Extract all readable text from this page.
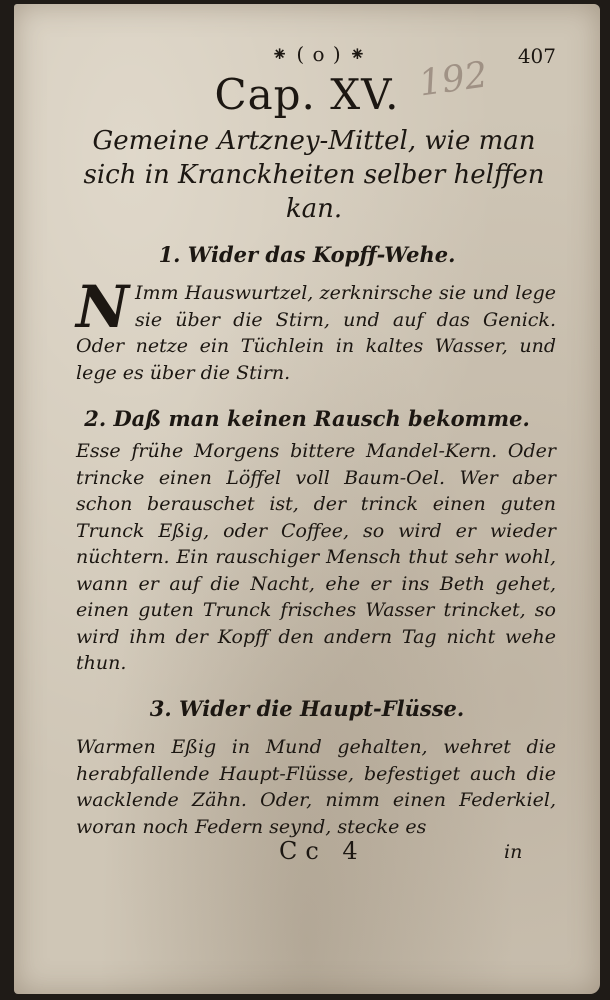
⁕ ( o ) ⁕	407
192
Cap. XV.
Gemeine Artzney-Mittel, wie man sich in Kranckheiten selber helffen kan.
1. Wider das Kopff-Wehe.

N Imm Hauswurtzel, zerknirsche sie und lege sie über die Stirn, und auf das Genick. Oder netze ein Tüchlein in kaltes Wasser, und lege es über die Stirn.

2. Daß man keinen Rausch bekomme.

Esse frühe Morgens bittere Mandel-Kern. Oder trincke einen Löffel voll Baum-Oel. Wer aber schon berauschet ist, der trinck einen guten Trunck Eßig, oder Coffee, so wird er wieder nüchtern. Ein rauschiger Mensch thut sehr wohl, wann er auf die Nacht, ehe er ins Beth gehet, einen guten Trunck frisches Wasser trincket, so wird ihm der Kopff den andern Tag nicht wehe thun.

3. Wider die Haupt-Flüsse.

Warmen Eßig in Mund gehalten, wehret die herabfallende Haupt-Flüsse, befestiget auch die wacklende Zähn. Oder, nimm einen Federkiel, woran noch Federn seynd, stecke es

Cc 4	in
